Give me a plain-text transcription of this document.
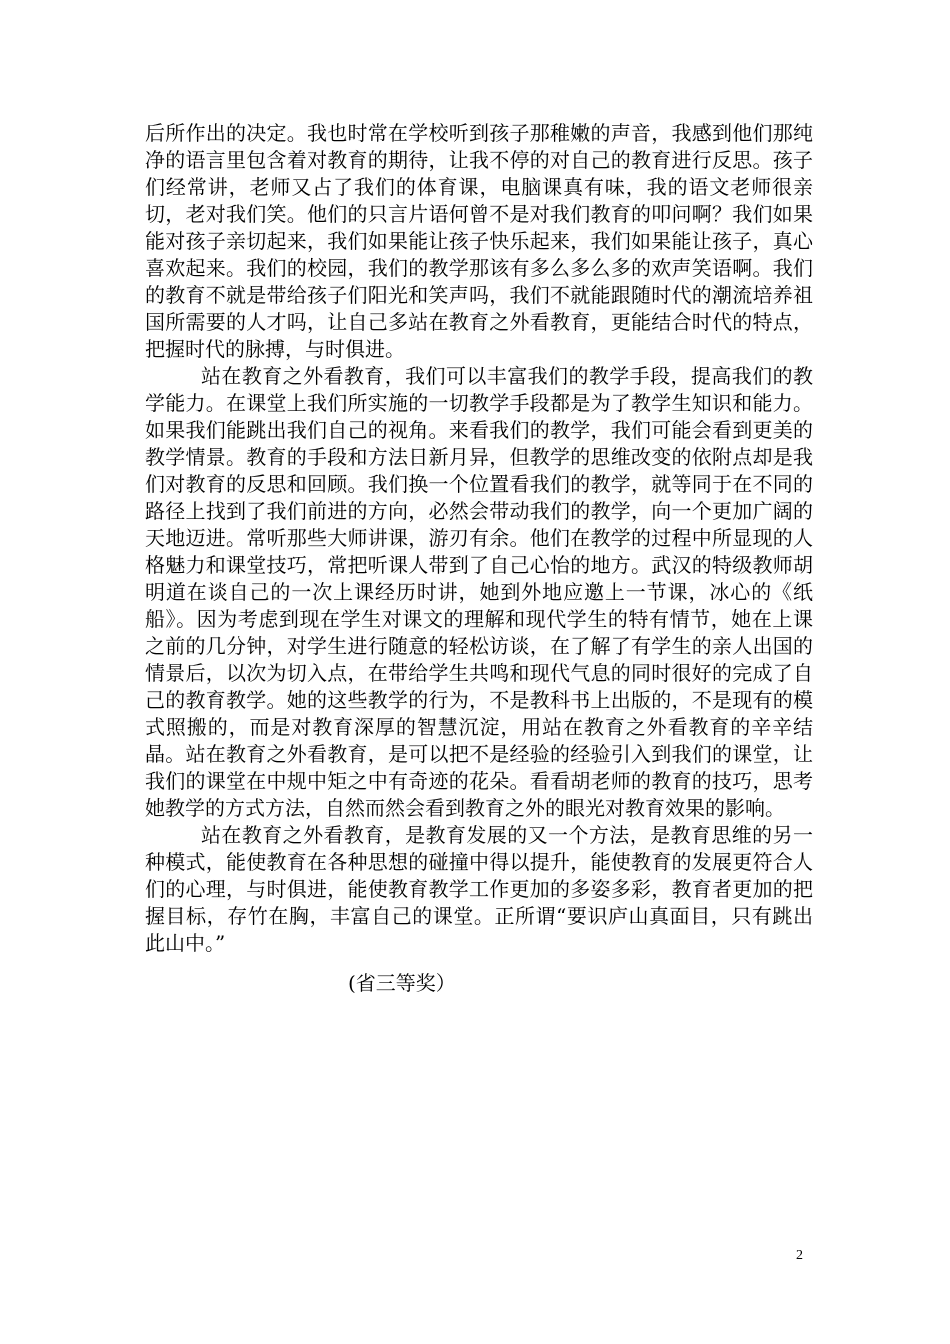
后所作出的决定。我也时常在学校听到孩子那稚嫩的声音，我感到他们那纯净的语言里包含着对教育的期待，让我不停的对自己的教育进行反思。孩子们经常讲，老师又占了我们的体育课，电脑课真有味，我的语文老师很亲切，老对我们笑。他们的只言片语何曾不是对我们教育的叩问啊？我们如果能对孩子亲切起来，我们如果能让孩子快乐起来，我们如果能让孩子，真心喜欢起来。我们的校园，我们的教学那该有多么多么多的欢声笑语啊。我们的教育不就是带给孩子们阳光和笑声吗，我们不就能跟随时代的潮流培养祖国所需要的人才吗，让自己多站在教育之外看教育，更能结合时代的特点，把握时代的脉搏，与时俱进。

站在教育之外看教育，我们可以丰富我们的教学手段，提高我们的教学能力。在课堂上我们所实施的一切教学手段都是为了教学生知识和能力。如果我们能跳出我们自己的视角。来看我们的教学，我们可能会看到更美的教学情景。教育的手段和方法日新月异，但教学的思维改变的依附点却是我们对教育的反思和回顾。我们换一个位置看我们的教学，就等同于在不同的路径上找到了我们前进的方向，必然会带动我们的教学，向一个更加广阔的天地迈进。常听那些大师讲课，游刃有余。他们在教学的过程中所显现的人格魅力和课堂技巧，常把听课人带到了自己心怡的地方。武汉的特级教师胡明道在谈自己的一次上课经历时讲，她到外地应邀上一节课，冰心的《纸船》。因为考虑到现在学生对课文的理解和现代学生的特有情节，她在上课之前的几分钟，对学生进行随意的轻松访谈，在了解了有学生的亲人出国的情景后，以次为切入点，在带给学生共鸣和现代气息的同时很好的完成了自己的教育教学。她的这些教学的行为，不是教科书上出版的，不是现有的模式照搬的，而是对教育深厚的智慧沉淀，用站在教育之外看教育的辛辛结晶。站在教育之外看教育，是可以把不是经验的经验引入到我们的课堂，让我们的课堂在中规中矩之中有奇迹的花朵。看看胡老师的教育的技巧，思考她教学的方式方法，自然而然会看到教育之外的眼光对教育效果的影响。

站在教育之外看教育，是教育发展的又一个方法，是教育思维的另一种模式，能使教育在各种思想的碰撞中得以提升，能使教育的发展更符合人们的心理，与时俱进，能使教育教学工作更加的多姿多彩，教育者更加的把握目标，存竹在胸，丰富自己的课堂。正所谓“要识庐山真面目，只有跳出此山中。”

(省三等奖）
2
